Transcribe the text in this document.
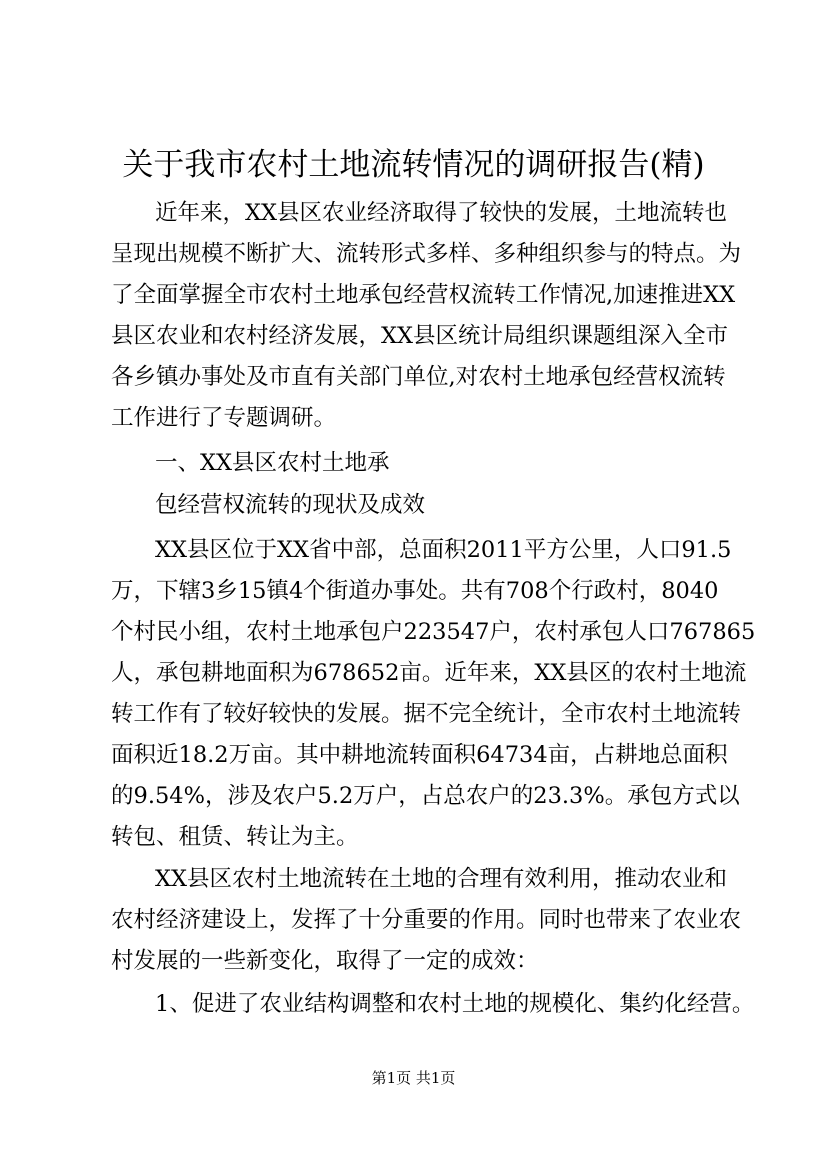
关于我市农村土地流转情况的调研报告(精)

近年来，XX县区农业经济取得了较快的发展，土地流转也

呈现出规模不断扩大、流转形式多样、多种组织参与的特点。为

了全面掌握全市农村土地承包经营权流转工作情况,加速推进XX

县区农业和农村经济发展，XX县区统计局组织课题组深入全市

各乡镇办事处及市直有关部门单位,对农村土地承包经营权流转

工作进行了专题调研。

一、XX县区农村土地承

包经营权流转的现状及成效

XX县区位于XX省中部，总面积2011平方公里，人口91.5

万，下辖3乡15镇4个街道办事处。共有708个行政村，8040

个村民小组，农村土地承包户223547户，农村承包人口767865

人，承包耕地面积为678652亩。近年来，XX县区的农村土地流

转工作有了较好较快的发展。据不完全统计，全市农村土地流转

面积近18.2万亩。其中耕地流转面积64734亩，占耕地总面积

的9.54%，涉及农户5.2万户，占总农户的23.3%。承包方式以

转包、租赁、转让为主。

XX县区农村土地流转在土地的合理有效利用，推动农业和

农村经济建设上，发挥了十分重要的作用。同时也带来了农业农

村发展的一些新变化，取得了一定的成效：

1、促进了农业结构调整和农村土地的规模化、集约化经营。

第1页 共1页
